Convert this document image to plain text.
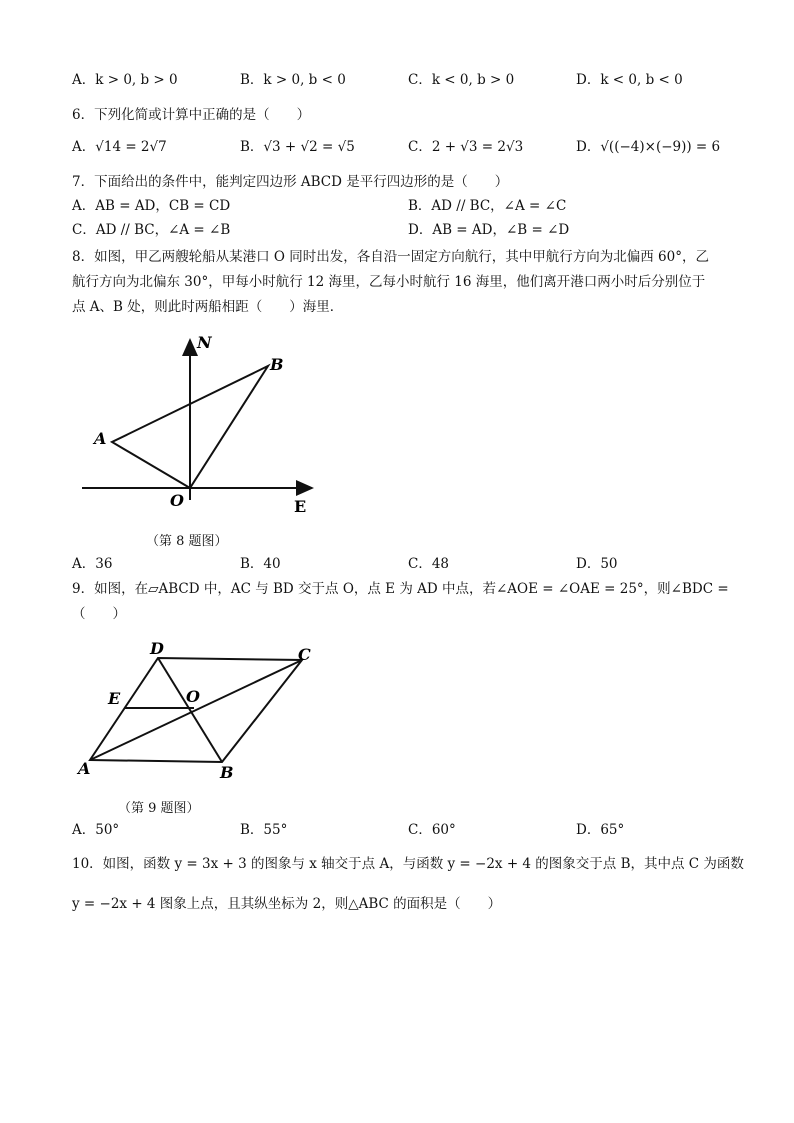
A．k > 0, b > 0	B．k > 0, b < 0	C．k < 0, b > 0	D．k < 0, b < 0
6．下列化简或计算中正确的是（　　）
A．√14 = 2√7	B．√3 + √2 = √5	C．2 + √3 = 2√3	D．√((−4)×(−9)) = 6
7．下面给出的条件中，能判定四边形 ABCD 是平行四边形的是（　　）
A．AB = AD，CB = CD	B．AD // BC，∠A = ∠C
C．AD // BC，∠A = ∠B	D．AB = AD，∠B = ∠D
8．如图，甲乙两艘轮船从某港口 O 同时出发，各自沿一固定方向航行，其中甲航行方向为北偏西 60°，乙
航行方向为北偏东 30°，甲每小时航行 12 海里，乙每小时航行 16 海里，他们离开港口两小时后分别位于
点 A、B 处，则此时两船相距（　　）海里．
N
B
A
O	E
（第 8 题图）
A．36	B．40	C．48	D．50
9．如图，在▱ABCD 中，AC 与 BD 交于点 O，点 E 为 AD 中点，若∠AOE = ∠OAE = 25°，则∠BDC =
（　　）
D	C
E	O
A	B
（第 9 题图）
A．50°	B．55°	C．60°	D．65°
10．如图，函数 y = 3x + 3 的图象与 x 轴交于点 A，与函数 y = −2x + 4 的图象交于点 B，其中点 C 为函数
y = −2x + 4 图象上点，且其纵坐标为 2，则△ABC 的面积是（　　）
